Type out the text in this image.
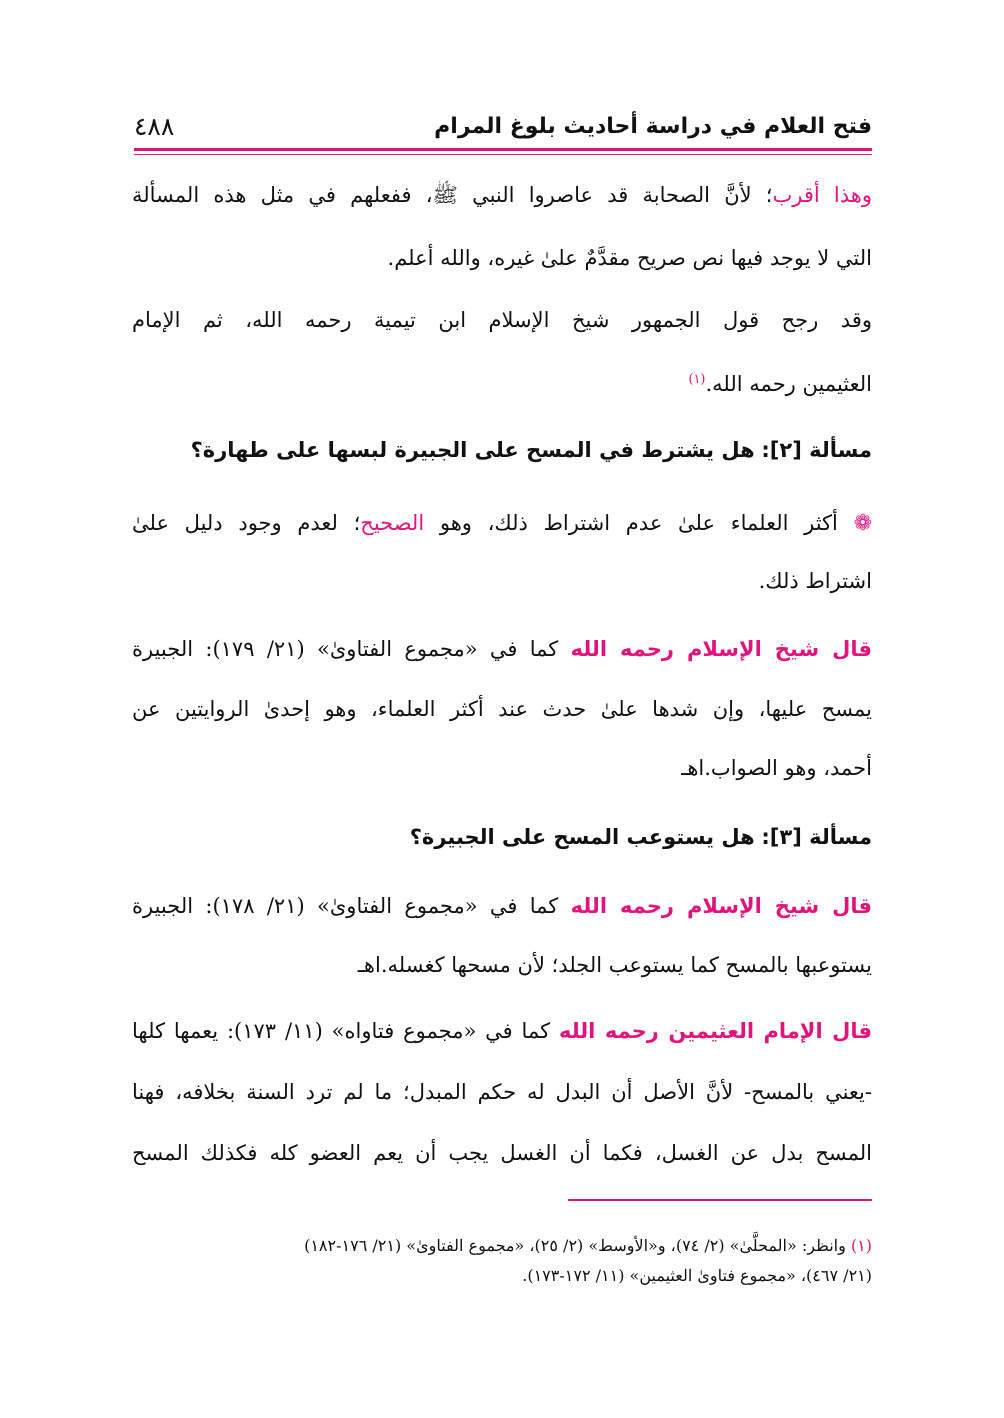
فتح العلام في دراسة أحاديث بلوغ المرام
٤٨٨
وهذا أقرب؛ لأنَّ الصحابة قد عاصروا النبي ﷺ، ففعلهم في مثل هذه المسألة
التي لا يوجد فيها نص صريح مقدَّمٌ علىٰ غيره، والله أعلم.
وقد رجح قول الجمهور شيخ الإسلام ابن تيمية رحمه الله، ثم الإمام
العثيمين رحمه الله.$^{(١)}$
مسألة [٢]: هل يشترط في المسح على الجبيرة لبسها على طهارة؟
❁ أكثر العلماء علىٰ عدم اشتراط ذلك، وهو الصحيح؛ لعدم وجود دليل علىٰ
اشتراط ذلك.
قال شيخ الإسلام رحمه الله كما في «مجموع الفتاوىٰ» (٢١/ ١٧٩): الجبيرة
يمسح عليها، وإن شدها علىٰ حدث عند أكثر العلماء، وهو إحدىٰ الروايتين عن
أحمد، وهو الصواب.اهـ
مسألة [٣]: هل يستوعب المسح على الجبيرة؟
قال شيخ الإسلام رحمه الله كما في «مجموع الفتاوىٰ» (٢١/ ١٧٨): الجبيرة
يستوعبها بالمسح كما يستوعب الجلد؛ لأن مسحها كغسله.اهـ
قال الإمام العثيمين رحمه الله كما في «مجموع فتاواه» (١١/ ١٧٣): يعمها كلها
-يعني بالمسح- لأنَّ الأصل أن البدل له حكم المبدل؛ ما لم ترد السنة بخلافه، فهنا
المسح بدل عن الغسل، فكما أن الغسل يجب أن يعم العضو كله فكذلك المسح
(١) وانظر: «المحلَّىٰ» (٢/ ٧٤)، و«الأوسط» (٢/ ٢٥)، «مجموع الفتاوىٰ» (٢١/ ١٧٦-١٨٢)
(٢١/ ٤٦٧)، «مجموع فتاوىٰ العثيمين» (١١/ ١٧٢-١٧٣).
